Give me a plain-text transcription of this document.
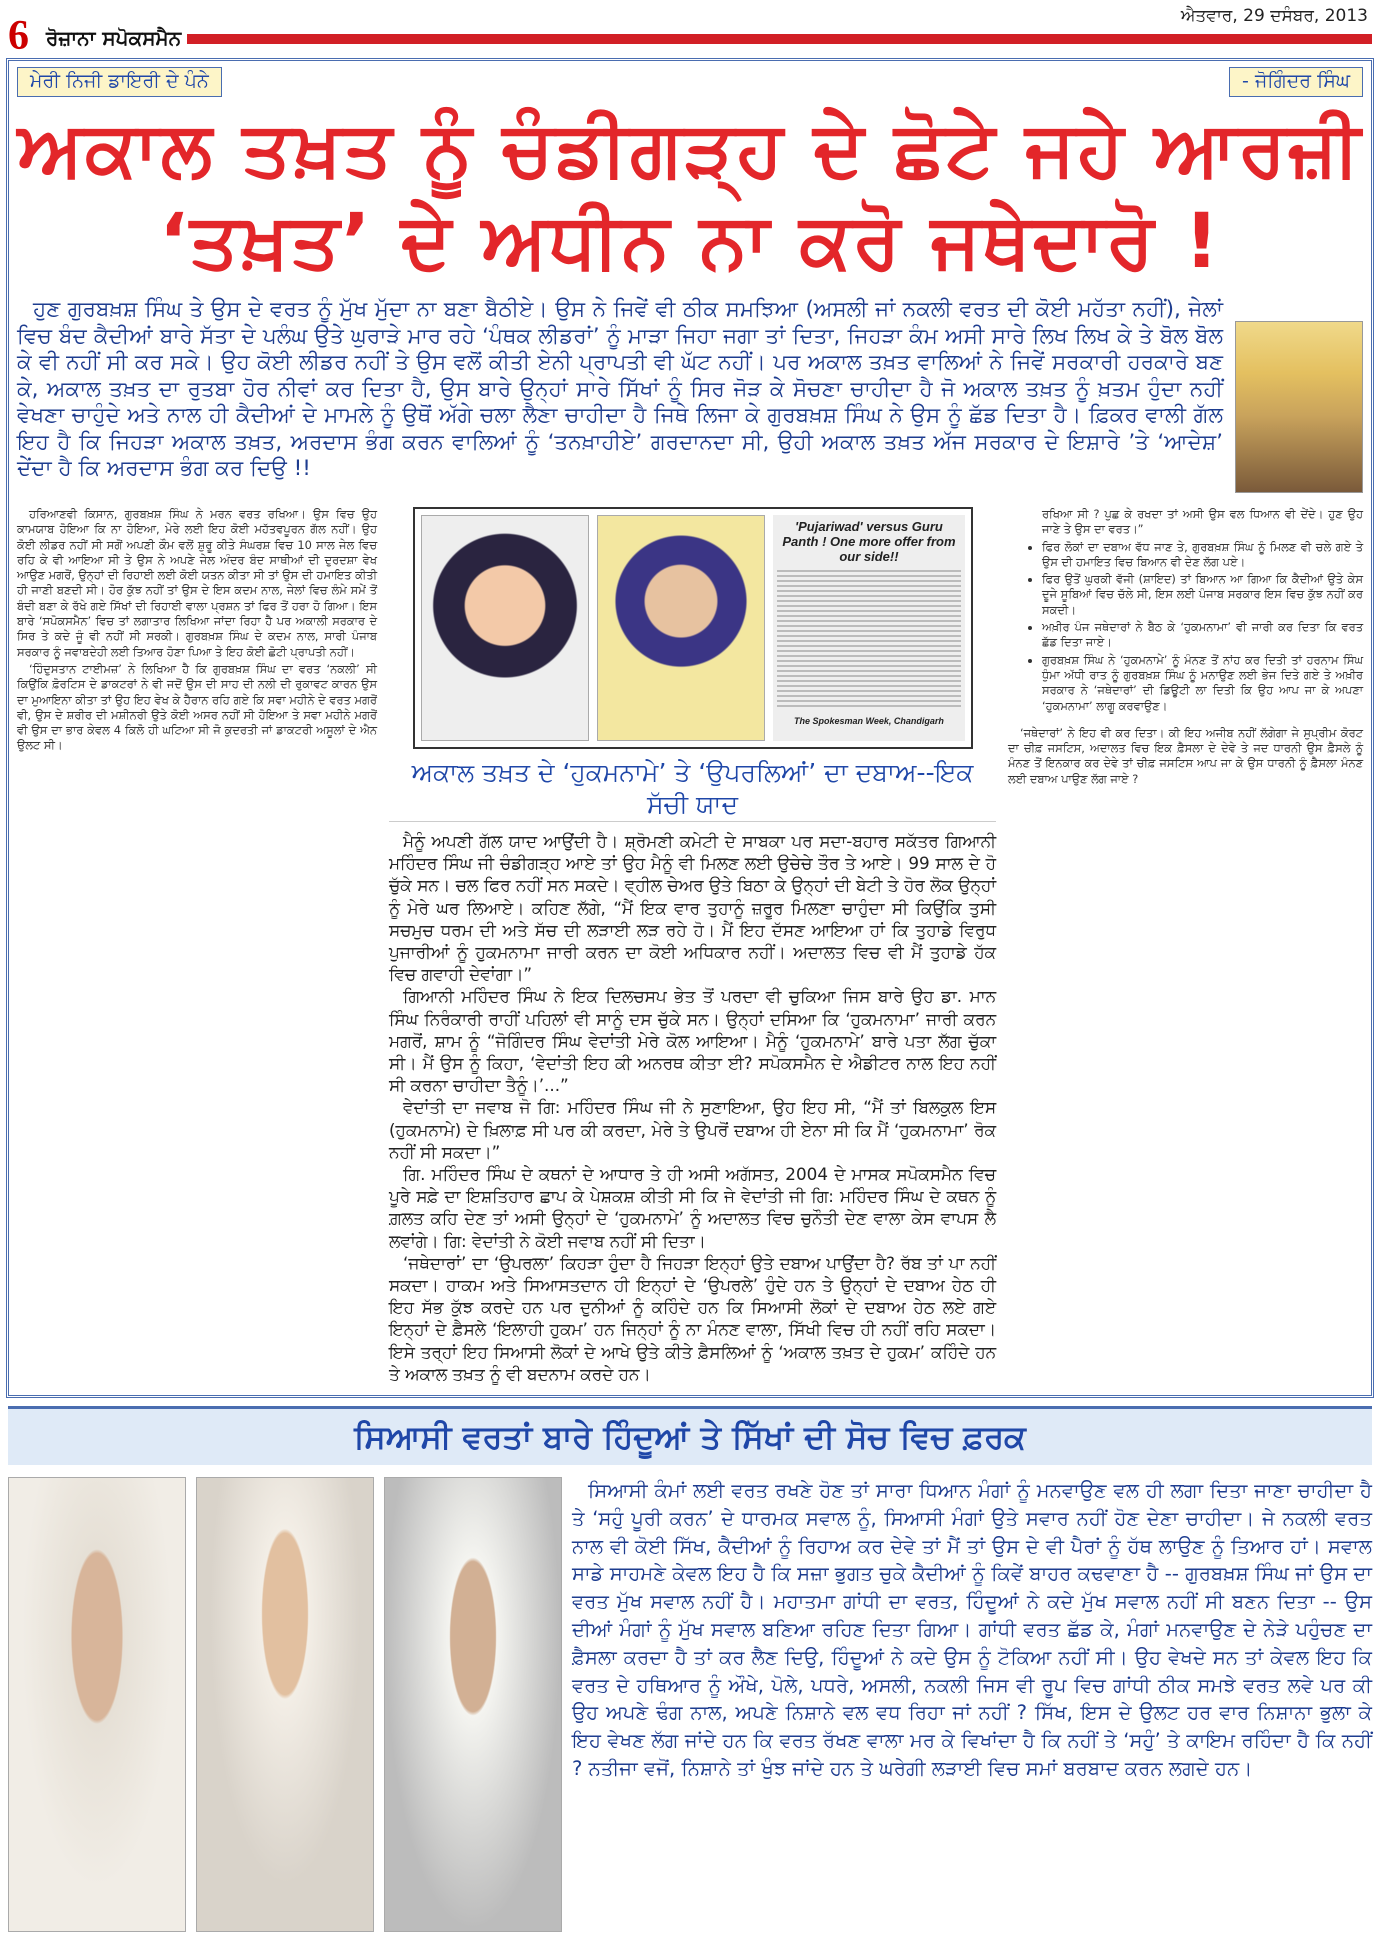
6 ਰੋਜ਼ਾਨਾ ਸਪੋਕਸਮੈਨ
ਐਤਵਾਰ, 29 ਦਸੰਬਰ, 2013
ਮੇਰੀ ਨਿਜੀ ਡਾਇਰੀ ਦੇ ਪੰਨੇ	- ਜੋਗਿੰਦਰ ਸਿੰਘ
ਅਕਾਲ ਤਖ਼ਤ ਨੂੰ ਚੰਡੀਗੜ੍ਹ ਦੇ ਛੋਟੇ ਜਹੇ ਆਰਜ਼ੀ
‘ਤਖ਼ਤ’ ਦੇ ਅਧੀਨ ਨਾ ਕਰੋ ਜਥੇਦਾਰੋ !
ਹੁਣ ਗੁਰਬਖ਼ਸ਼ ਸਿੰਘ ਤੇ ਉਸ ਦੇ ਵਰਤ ਨੂੰ ਮੁੱਖ ਮੁੱਦਾ ਨਾ ਬਣਾ ਬੈਠੀਏ। ਉਸ ਨੇ ਜਿਵੇਂ ਵੀ ਠੀਕ ਸਮਝਿਆ (ਅਸਲੀ ਜਾਂ ਨਕਲੀ ਵਰਤ ਦੀ ਕੋਈ ਮਹੱਤਾ ਨਹੀਂ), ਜੇਲਾਂ ਵਿਚ ਬੰਦ ਕੈਦੀਆਂ ਬਾਰੇ ਸੱਤਾ ਦੇ ਪਲੰਘ ਉਤੇ ਘੁਰਾੜੇ ਮਾਰ ਰਹੇ ‘ਪੰਥਕ ਲੀਡਰਾਂ’ ਨੂੰ ਮਾੜਾ ਜਿਹਾ ਜਗਾ ਤਾਂ ਦਿਤਾ, ਜਿਹੜਾ ਕੰਮ ਅਸੀ ਸਾਰੇ ਲਿਖ ਲਿਖ ਕੇ ਤੇ ਬੋਲ ਬੋਲ ਕੇ ਵੀ ਨਹੀਂ ਸੀ ਕਰ ਸਕੇ। ਉਹ ਕੋਈ ਲੀਡਰ ਨਹੀਂ ਤੇ ਉਸ ਵਲੋਂ ਕੀਤੀ ਏਨੀ ਪ੍ਰਾਪਤੀ ਵੀ ਘੱਟ ਨਹੀਂ। ਪਰ ਅਕਾਲ ਤਖ਼ਤ ਵਾਲਿਆਂ ਨੇ ਜਿਵੇਂ ਸਰਕਾਰੀ ਹਰਕਾਰੇ ਬਣ ਕੇ, ਅਕਾਲ ਤਖ਼ਤ ਦਾ ਰੁਤਬਾ ਹੋਰ ਨੀਵਾਂ ਕਰ ਦਿਤਾ ਹੈ, ਉਸ ਬਾਰੇ ਉਨ੍ਹਾਂ ਸਾਰੇ ਸਿੱਖਾਂ ਨੂੰ ਸਿਰ ਜੋੜ ਕੇ ਸੋਚਣਾ ਚਾਹੀਦਾ ਹੈ ਜੋ ਅਕਾਲ ਤਖ਼ਤ ਨੂੰ ਖ਼ਤਮ ਹੁੰਦਾ ਨਹੀਂ ਵੇਖਣਾ ਚਾਹੁੰਦੇ ਅਤੇ ਨਾਲ ਹੀ ਕੈਦੀਆਂ ਦੇ ਮਾਮਲੇ ਨੂੰ ਉਥੋਂ ਅੱਗੇ ਚਲਾ ਲੈਣਾ ਚਾਹੀਦਾ ਹੈ ਜਿਥੇ ਲਿਜਾ ਕੇ ਗੁਰਬਖ਼ਸ਼ ਸਿੰਘ ਨੇ ਉਸ ਨੂੰ ਛੱਡ ਦਿਤਾ ਹੈ। ਫ਼ਿਕਰ ਵਾਲੀ ਗੱਲ ਇਹ ਹੈ ਕਿ ਜਿਹੜਾ ਅਕਾਲ ਤਖ਼ਤ, ਅਰਦਾਸ ਭੰਗ ਕਰਨ ਵਾਲਿਆਂ ਨੂੰ ‘ਤਨਖ਼ਾਹੀਏ’ ਗਰਦਾਨਦਾ ਸੀ, ਉਹੀ ਅਕਾਲ ਤਖ਼ਤ ਅੱਜ ਸਰਕਾਰ ਦੇ ਇਸ਼ਾਰੇ ’ਤੇ ‘ਆਦੇਸ਼’ ਦੇਂਦਾ ਹੈ ਕਿ ਅਰਦਾਸ ਭੰਗ ਕਰ ਦਿਉ !!

ਹਰਿਆਣਵੀ ਕਿਸਾਨ, ਗੁਰਬਖ਼ਸ਼ ਸਿੰਘ ਨੇ ਮਰਨ ਵਰਤ ਰਖਿਆ। ਉਸ ਵਿਚ ਉਹ ਕਾਮਯਾਬ ਹੋਇਆ ਕਿ ਨਾ ਹੋਇਆ, ਮੇਰੇ ਲਈ ਇਹ ਕੋਈ ਮਹੱਤਵਪੂਰਨ ਗੱਲ ਨਹੀਂ। ਉਹ ਕੋਈ ਲੀਡਰ ਨਹੀਂ ਸੀ ਸਗੋਂ ਅਪਣੀ ਕੌਮ ਵਲੋਂ ਸ਼ੁਰੂ ਕੀਤੇ ਸੰਘਰਸ਼ ਵਿਚ 10 ਸਾਲ ਜੇਲ ਵਿਚ ਰਹਿ ਕੇ ਵੀ ਆਇਆ ਸੀ ਤੇ ਉਸ ਨੇ ਅਪਣੇ ਜੇਲ ਅੰਦਰ ਬੰਦ ਸਾਥੀਆਂ ਦੀ ਦੁਰਦਸ਼ਾ ਵੇਖ ਆਉਣ ਮਗਰੋਂ, ਉਨ੍ਹਾਂ ਦੀ ਰਿਹਾਈ ਲਈ ਕੋਈ ਯਤਨ ਕੀਤਾ ਸੀ ਤਾਂ ਉਸ ਦੀ ਹਮਾਇਤ ਕੀਤੀ ਹੀ ਜਾਣੀ ਬਣਦੀ ਸੀ। ਹੋਰ ਕੁੱਝ ਨਹੀਂ ਤਾਂ ਉਸ ਦੇ ਇਸ ਕਦਮ ਨਾਲ, ਜੇਲਾਂ ਵਿਚ ਲੰਮੇ ਸਮੇਂ ਤੋਂ ਬੰਦੀ ਬਣਾ ਕੇ ਰੱਖੇ ਗਏ ਸਿੱਖਾਂ ਦੀ ਰਿਹਾਈ ਵਾਲਾ ਪ੍ਰਸ਼ਨ ਤਾਂ ਫਿਰ ਤੋਂ ਹਰਾ ਹੋ ਗਿਆ। ਇਸ ਬਾਰੇ ‘ਸਪੋਕਸਮੈਨ’ ਵਿਚ ਤਾਂ ਲਗਾਤਾਰ ਲਿਖਿਆ ਜਾਂਦਾ ਰਿਹਾ ਹੈ ਪਰ ਅਕਾਲੀ ਸਰਕਾਰ ਦੇ ਸਿਰ ਤੇ ਕਦੇ ਜੂੰ ਵੀ ਨਹੀਂ ਸੀ ਸਰਕੀ। ਗੁਰਬਖ਼ਸ਼ ਸਿੰਘ ਦੇ ਕਦਮ ਨਾਲ, ਸਾਰੀ ਪੰਜਾਬ ਸਰਕਾਰ ਨੂੰ ਜਵਾਬਦੇਹੀ ਲਈ ਤਿਆਰ ਹੋਣਾ ਪਿਆ ਤੇ ਇਹ ਕੋਈ ਛੋਟੀ ਪ੍ਰਾਪਤੀ ਨਹੀਂ।

‘ਹਿੰਦੁਸਤਾਨ ਟਾਈਮਜ਼’ ਨੇ ਲਿਖਿਆ ਹੈ ਕਿ ਗੁਰਬਖ਼ਸ਼ ਸਿੰਘ ਦਾ ਵਰਤ ‘ਨਕਲੀ’ ਸੀ ਕਿਉਂਕਿ ਫ਼ੋਰਟਿਸ ਦੇ ਡਾਕਟਰਾਂ ਨੇ ਵੀ ਜਦੋਂ ਉਸ ਦੀ ਸਾਹ ਦੀ ਨਲੀ ਦੀ ਰੁਕਾਵਟ ਕਾਰਨ ਉਸ ਦਾ ਮੁਆਇਨਾ ਕੀਤਾ ਤਾਂ ਉਹ ਇਹ ਵੇਖ ਕੇ ਹੈਰਾਨ ਰਹਿ ਗਏ ਕਿ ਸਵਾ ਮਹੀਨੇ ਦੇ ਵਰਤ ਮਗਰੋਂ ਵੀ, ਉਸ ਦੇ ਸ਼ਰੀਰ ਦੀ ਮਸ਼ੀਨਰੀ ਉਤੇ ਕੋਈ ਅਸਰ ਨਹੀਂ ਸੀ ਹੋਇਆ ਤੇ ਸਵਾ ਮਹੀਨੇ ਮਗਰੋਂ ਵੀ ਉਸ ਦਾ ਭਾਰ ਕੇਵਲ 4 ਕਿਲੋ ਹੀ ਘਟਿਆ ਸੀ ਜੋ ਕੁਦਰਤੀ ਜਾਂ ਡਾਕਟਰੀ ਅਸੂਲਾਂ ਦੇ ਐਨ ਉਲਟ ਸੀ।

'Pujariwad' versus Guru Panth ! One more offer from our side!!
The Spokesman Week, Chandigarh
ਅਕਾਲ ਤਖ਼ਤ ਦੇ ‘ਹੁਕਮਨਾਮੇ’ ਤੇ ‘ਉਪਰਲਿਆਂ’ ਦਾ ਦਬਾਅ--ਇਕ ਸੱਚੀ ਯਾਦ

ਮੈਨੂੰ ਅਪਣੀ ਗੱਲ ਯਾਦ ਆਉਂਦੀ ਹੈ। ਸ਼੍ਰੋਮਣੀ ਕਮੇਟੀ ਦੇ ਸਾਬਕਾ ਪਰ ਸਦਾ-ਬਹਾਰ ਸਕੱਤਰ ਗਿਆਨੀ ਮਹਿੰਦਰ ਸਿੰਘ ਜੀ ਚੰਡੀਗੜ੍ਹ ਆਏ ਤਾਂ ਉਹ ਮੈਨੂੰ ਵੀ ਮਿਲਣ ਲਈ ਉਚੇਚੇ ਤੌਰ ਤੇ ਆਏ। 99 ਸਾਲ ਦੇ ਹੋ ਚੁੱਕੇ ਸਨ। ਚਲ ਫਿਰ ਨਹੀਂ ਸਨ ਸਕਦੇ। ਵ੍ਹੀਲ ਚੇਅਰ ਉਤੇ ਬਿਠਾ ਕੇ ਉਨ੍ਹਾਂ ਦੀ ਬੇਟੀ ਤੇ ਹੋਰ ਲੋਕ ਉਨ੍ਹਾਂ ਨੂੰ ਮੇਰੇ ਘਰ ਲਿਆਏ। ਕਹਿਣ ਲੱਗੇ, “ਮੈਂ ਇਕ ਵਾਰ ਤੁਹਾਨੂੰ ਜ਼ਰੂਰ ਮਿਲਣਾ ਚਾਹੁੰਦਾ ਸੀ ਕਿਉਂਕਿ ਤੁਸੀ ਸਚਮੁਚ ਧਰਮ ਦੀ ਅਤੇ ਸੱਚ ਦੀ ਲੜਾਈ ਲੜ ਰਹੇ ਹੋ। ਮੈਂ ਇਹ ਦੱਸਣ ਆਇਆ ਹਾਂ ਕਿ ਤੁਹਾਡੇ ਵਿਰੁਧ ਪੁਜਾਰੀਆਂ ਨੂੰ ਹੁਕਮਨਾਮਾ ਜਾਰੀ ਕਰਨ ਦਾ ਕੋਈ ਅਧਿਕਾਰ ਨਹੀਂ। ਅਦਾਲਤ ਵਿਚ ਵੀ ਮੈਂ ਤੁਹਾਡੇ ਹੱਕ ਵਿਚ ਗਵਾਹੀ ਦੇਵਾਂਗਾ।”

ਗਿਆਨੀ ਮਹਿੰਦਰ ਸਿੰਘ ਨੇ ਇਕ ਦਿਲਚਸਪ ਭੇਤ ਤੋਂ ਪਰਦਾ ਵੀ ਚੁਕਿਆ ਜਿਸ ਬਾਰੇ ਉਹ ਡਾ. ਮਾਨ ਸਿੰਘ ਨਿਰੰਕਾਰੀ ਰਾਹੀਂ ਪਹਿਲਾਂ ਵੀ ਸਾਨੂੰ ਦਸ ਚੁੱਕੇ ਸਨ। ਉਨ੍ਹਾਂ ਦਸਿਆ ਕਿ ‘ਹੁਕਮਨਾਮਾ’ ਜਾਰੀ ਕਰਨ ਮਗਰੋਂ, ਸ਼ਾਮ ਨੂੰ “ਜੋਗਿੰਦਰ ਸਿੰਘ ਵੇਦਾਂਤੀ ਮੇਰੇ ਕੋਲ ਆਇਆ। ਮੈਨੂੰ ‘ਹੁਕਮਨਾਮੇ’ ਬਾਰੇ ਪਤਾ ਲੱਗ ਚੁੱਕਾ ਸੀ। ਮੈਂ ਉਸ ਨੂੰ ਕਿਹਾ, ‘ਵੇਦਾਂਤੀ ਇਹ ਕੀ ਅਨਰਥ ਕੀਤਾ ਈ? ਸਪੋਕਸਮੈਨ ਦੇ ਐਡੀਟਰ ਨਾਲ ਇਹ ਨਹੀਂ ਸੀ ਕਰਨਾ ਚਾਹੀਦਾ ਤੈਨੂੰ।’...”

ਵੇਦਾਂਤੀ ਦਾ ਜਵਾਬ ਜੋ ਗਿ: ਮਹਿੰਦਰ ਸਿੰਘ ਜੀ ਨੇ ਸੁਣਾਇਆ, ਉਹ ਇਹ ਸੀ, “ਮੈਂ ਤਾਂ ਬਿਲਕੁਲ ਇਸ (ਹੁਕਮਨਾਮੇ) ਦੇ ਖ਼ਿਲਾਫ਼ ਸੀ ਪਰ ਕੀ ਕਰਦਾ, ਮੇਰੇ ਤੇ ਉਪਰੋਂ ਦਬਾਅ ਹੀ ਏਨਾ ਸੀ ਕਿ ਮੈਂ ‘ਹੁਕਮਨਾਮਾ’ ਰੋਕ ਨਹੀਂ ਸੀ ਸਕਦਾ।”

ਗਿ. ਮਹਿੰਦਰ ਸਿੰਘ ਦੇ ਕਥਨਾਂ ਦੇ ਆਧਾਰ ਤੇ ਹੀ ਅਸੀ ਅਗੱਸਤ, 2004 ਦੇ ਮਾਸਕ ਸਪੋਕਸਮੈਨ ਵਿਚ ਪੂਰੇ ਸਫ਼ੇ ਦਾ ਇਸ਼ਤਿਹਾਰ ਛਾਪ ਕੇ ਪੇਸ਼ਕਸ਼ ਕੀਤੀ ਸੀ ਕਿ ਜੇ ਵੇਦਾਂਤੀ ਜੀ ਗਿ: ਮਹਿੰਦਰ ਸਿੰਘ ਦੇ ਕਥਨ ਨੂੰ ਗ਼ਲਤ ਕਹਿ ਦੇਣ ਤਾਂ ਅਸੀ ਉਨ੍ਹਾਂ ਦੇ ‘ਹੁਕਮਨਾਮੇ’ ਨੂੰ ਅਦਾਲਤ ਵਿਚ ਚੁਨੌਤੀ ਦੇਣ ਵਾਲਾ ਕੇਸ ਵਾਪਸ ਲੈ ਲਵਾਂਗੇ। ਗਿ: ਵੇਦਾਂਤੀ ਨੇ ਕੋਈ ਜਵਾਬ ਨਹੀਂ ਸੀ ਦਿਤਾ।

‘ਜਥੇਦਾਰਾਂ’ ਦਾ ‘ਉਪਰਲਾ’ ਕਿਹੜਾ ਹੁੰਦਾ ਹੈ ਜਿਹੜਾ ਇਨ੍ਹਾਂ ਉਤੇ ਦਬਾਅ ਪਾਉਂਦਾ ਹੈ? ਰੱਬ ਤਾਂ ਪਾ ਨਹੀਂ ਸਕਦਾ। ਹਾਕਮ ਅਤੇ ਸਿਆਸਤਦਾਨ ਹੀ ਇਨ੍ਹਾਂ ਦੇ ‘ਉਪਰਲੇ’ ਹੁੰਦੇ ਹਨ ਤੇ ਉਨ੍ਹਾਂ ਦੇ ਦਬਾਅ ਹੇਠ ਹੀ ਇਹ ਸੱਭ ਕੁੱਝ ਕਰਦੇ ਹਨ ਪਰ ਦੁਨੀਆਂ ਨੂੰ ਕਹਿੰਦੇ ਹਨ ਕਿ ਸਿਆਸੀ ਲੋਕਾਂ ਦੇ ਦਬਾਅ ਹੇਠ ਲਏ ਗਏ ਇਨ੍ਹਾਂ ਦੇ ਫ਼ੈਸਲੇ ‘ਇਲਾਹੀ ਹੁਕਮ’ ਹਨ ਜਿਨ੍ਹਾਂ ਨੂੰ ਨਾ ਮੰਨਣ ਵਾਲਾ, ਸਿੱਖੀ ਵਿਚ ਹੀ ਨਹੀਂ ਰਹਿ ਸਕਦਾ। ਇਸੇ ਤਰ੍ਹਾਂ ਇਹ ਸਿਆਸੀ ਲੋਕਾਂ ਦੇ ਆਖੇ ਉਤੇ ਕੀਤੇ ਫ਼ੈਸਲਿਆਂ ਨੂੰ ‘ਅਕਾਲ ਤਖ਼ਤ ਦੇ ਹੁਕਮ’ ਕਹਿੰਦੇ ਹਨ ਤੇ ਅਕਾਲ ਤਖ਼ਤ ਨੂੰ ਵੀ ਬਦਨਾਮ ਕਰਦੇ ਹਨ।

ਰਖਿਆ ਸੀ ? ਪੁਛ ਕੇ ਰਖਦਾ ਤਾਂ ਅਸੀ ਉਸ ਵਲ ਧਿਆਨ ਵੀ ਦੇਂਦੇ। ਹੁਣ ਉਹ ਜਾਣੇ ਤੇ ਉਸ ਦਾ ਵਰਤ।”

• ਫਿਰ ਲੋਕਾਂ ਦਾ ਦਬਾਅ ਵੱਧ ਜਾਣ ਤੇ, ਗੁਰਬਖ਼ਸ਼ ਸਿੰਘ ਨੂੰ ਮਿਲਣ ਵੀ ਚਲੇ ਗਏ ਤੇ ਉਸ ਦੀ ਹਮਾਇਤ ਵਿਚ ਬਿਆਨ ਵੀ ਦੇਣ ਲੱਗ ਪਏ।
• ਫਿਰ ਉਤੋਂ ਘੁਰਕੀ ਵੱਜੀ (ਸ਼ਾਇਦ) ਤਾਂ ਬਿਆਨ ਆ ਗਿਆ ਕਿ ਕੈਦੀਆਂ ਉਤੇ ਕੇਸ ਦੂਜੇ ਸੂਬਿਆਂ ਵਿਚ ਚੱਲੇ ਸੀ, ਇਸ ਲਈ ਪੰਜਾਬ ਸਰਕਾਰ ਇਸ ਵਿਚ ਕੁੱਝ ਨਹੀਂ ਕਰ ਸਕਦੀ।
• ਅਖ਼ੀਰ ਪੰਜ ਜਥੇਦਾਰਾਂ ਨੇ ਬੈਠ ਕੇ ‘ਹੁਕਮਨਾਮਾ’ ਵੀ ਜਾਰੀ ਕਰ ਦਿਤਾ ਕਿ ਵਰਤ ਛੱਡ ਦਿਤਾ ਜਾਏ।
• ਗੁਰਬਖ਼ਸ਼ ਸਿੰਘ ਨੇ ‘ਹੁਕਮਨਾਮੇ’ ਨੂੰ ਮੰਨਣ ਤੋਂ ਨਾਂਹ ਕਰ ਦਿਤੀ ਤਾਂ ਹਰਨਾਮ ਸਿੰਘ ਧੁੰਮਾ ਅੱਧੀ ਰਾਤ ਨੂੰ ਗੁਰਬਖ਼ਸ਼ ਸਿੰਘ ਨੂੰ ਮਨਾਉਣ ਲਈ ਭੇਜ ਦਿਤੇ ਗਏ ਤੇ ਅਖ਼ੀਰ ਸਰਕਾਰ ਨੇ ‘ਜਥੇਦਾਰਾਂ’ ਦੀ ਡਿਊਟੀ ਲਾ ਦਿਤੀ ਕਿ ਉਹ ਆਪ ਜਾ ਕੇ ਅਪਣਾ ‘ਹੁਕਮਨਾਮਾ’ ਲਾਗੂ ਕਰਵਾਉਣ।

‘ਜਥੇਦਾਰਾਂ’ ਨੇ ਇਹ ਵੀ ਕਰ ਦਿਤਾ। ਕੀ ਇਹ ਅਜੀਬ ਨਹੀਂ ਲੱਗੇਗਾ ਜੇ ਸੁਪ੍ਰੀਮ ਕੋਰਟ ਦਾ ਚੀਫ਼ ਜਸਟਿਸ, ਅਦਾਲਤ ਵਿਚ ਇਕ ਫ਼ੈਸਲਾ ਦੇ ਦੇਵੇ ਤੇ ਜਦ ਧਾਰਨੀ ਉਸ ਫ਼ੈਸਲੇ ਨੂੰ ਮੰਨਣ ਤੋਂ ਇਨਕਾਰ ਕਰ ਦੇਵੇ ਤਾਂ ਚੀਫ਼ ਜਸਟਿਸ ਆਪ ਜਾ ਕੇ ਉਸ ਧਾਰਨੀ ਨੂੰ ਫ਼ੈਸਲਾ ਮੰਨਣ ਲਈ ਦਬਾਅ ਪਾਉਣ ਲੱਗ ਜਾਏ ?

ਸਿਆਸੀ ਵਰਤਾਂ ਬਾਰੇ ਹਿੰਦੂਆਂ ਤੇ ਸਿੱਖਾਂ ਦੀ ਸੋਚ ਵਿਚ ਫ਼ਰਕ
ਸਿਆਸੀ ਕੰਮਾਂ ਲਈ ਵਰਤ ਰਖਣੇ ਹੋਣ ਤਾਂ ਸਾਰਾ ਧਿਆਨ ਮੰਗਾਂ ਨੂੰ ਮਨਵਾਉਣ ਵਲ ਹੀ ਲਗਾ ਦਿਤਾ ਜਾਣਾ ਚਾਹੀਦਾ ਹੈ ਤੇ ‘ਸਹੁੰ ਪੂਰੀ ਕਰਨ’ ਦੇ ਧਾਰਮਕ ਸਵਾਲ ਨੂੰ, ਸਿਆਸੀ ਮੰਗਾਂ ਉਤੇ ਸਵਾਰ ਨਹੀਂ ਹੋਣ ਦੇਣਾ ਚਾਹੀਦਾ। ਜੇ ਨਕਲੀ ਵਰਤ ਨਾਲ ਵੀ ਕੋਈ ਸਿੱਖ, ਕੈਦੀਆਂ ਨੂੰ ਰਿਹਾਅ ਕਰ ਦੇਵੇ ਤਾਂ ਮੈਂ ਤਾਂ ਉਸ ਦੇ ਵੀ ਪੈਰਾਂ ਨੂੰ ਹੱਥ ਲਾਉਣ ਨੂੰ ਤਿਆਰ ਹਾਂ। ਸਵਾਲ ਸਾਡੇ ਸਾਹਮਣੇ ਕੇਵਲ ਇਹ ਹੈ ਕਿ ਸਜ਼ਾ ਭੁਗਤ ਚੁਕੇ ਕੈਦੀਆਂ ਨੂੰ ਕਿਵੇਂ ਬਾਹਰ ਕਢਵਾਣਾ ਹੈ -- ਗੁਰਬਖ਼ਸ਼ ਸਿੰਘ ਜਾਂ ਉਸ ਦਾ ਵਰਤ ਮੁੱਖ ਸਵਾਲ ਨਹੀਂ ਹੈ। ਮਹਾਤਮਾ ਗਾਂਧੀ ਦਾ ਵਰਤ, ਹਿੰਦੂਆਂ ਨੇ ਕਦੇ ਮੁੱਖ ਸਵਾਲ ਨਹੀਂ ਸੀ ਬਣਨ ਦਿਤਾ -- ਉਸ ਦੀਆਂ ਮੰਗਾਂ ਨੂੰ ਮੁੱਖ ਸਵਾਲ ਬਣਿਆ ਰਹਿਣ ਦਿਤਾ ਗਿਆ। ਗਾਂਧੀ ਵਰਤ ਛੱਡ ਕੇ, ਮੰਗਾਂ ਮਨਵਾਉਣ ਦੇ ਨੇੜੇ ਪਹੁੰਚਣ ਦਾ ਫ਼ੈਸਲਾ ਕਰਦਾ ਹੈ ਤਾਂ ਕਰ ਲੈਣ ਦਿਉ, ਹਿੰਦੂਆਂ ਨੇ ਕਦੇ ਉਸ ਨੂੰ ਟੋਕਿਆ ਨਹੀਂ ਸੀ। ਉਹ ਵੇਖਦੇ ਸਨ ਤਾਂ ਕੇਵਲ ਇਹ ਕਿ ਵਰਤ ਦੇ ਹਥਿਆਰ ਨੂੰ ਔਖੇ, ਪੋਲੇ, ਪਧਰੇ, ਅਸਲੀ, ਨਕਲੀ ਜਿਸ ਵੀ ਰੂਪ ਵਿਚ ਗਾਂਧੀ ਠੀਕ ਸਮਝੇ ਵਰਤ ਲਵੇ ਪਰ ਕੀ ਉਹ ਅਪਣੇ ਢੰਗ ਨਾਲ, ਅਪਣੇ ਨਿਸ਼ਾਨੇ ਵਲ ਵਧ ਰਿਹਾ ਜਾਂ ਨਹੀਂ ? ਸਿੱਖ, ਇਸ ਦੇ ਉਲਟ ਹਰ ਵਾਰ ਨਿਸ਼ਾਨਾ ਭੁਲਾ ਕੇ ਇਹ ਵੇਖਣ ਲੱਗ ਜਾਂਦੇ ਹਨ ਕਿ ਵਰਤ ਰੱਖਣ ਵਾਲਾ ਮਰ ਕੇ ਵਿਖਾਂਦਾ ਹੈ ਕਿ ਨਹੀਂ ਤੇ ‘ਸਹੁੰ’ ਤੇ ਕਾਇਮ ਰਹਿੰਦਾ ਹੈ ਕਿ ਨਹੀਂ ? ਨਤੀਜਾ ਵਜੋਂ, ਨਿਸ਼ਾਨੇ ਤਾਂ ਖੁੰਝ ਜਾਂਦੇ ਹਨ ਤੇ ਘਰੇਗੀ ਲੜਾਈ ਵਿਚ ਸਮਾਂ ਬਰਬਾਦ ਕਰਨ ਲਗਦੇ ਹਨ।
